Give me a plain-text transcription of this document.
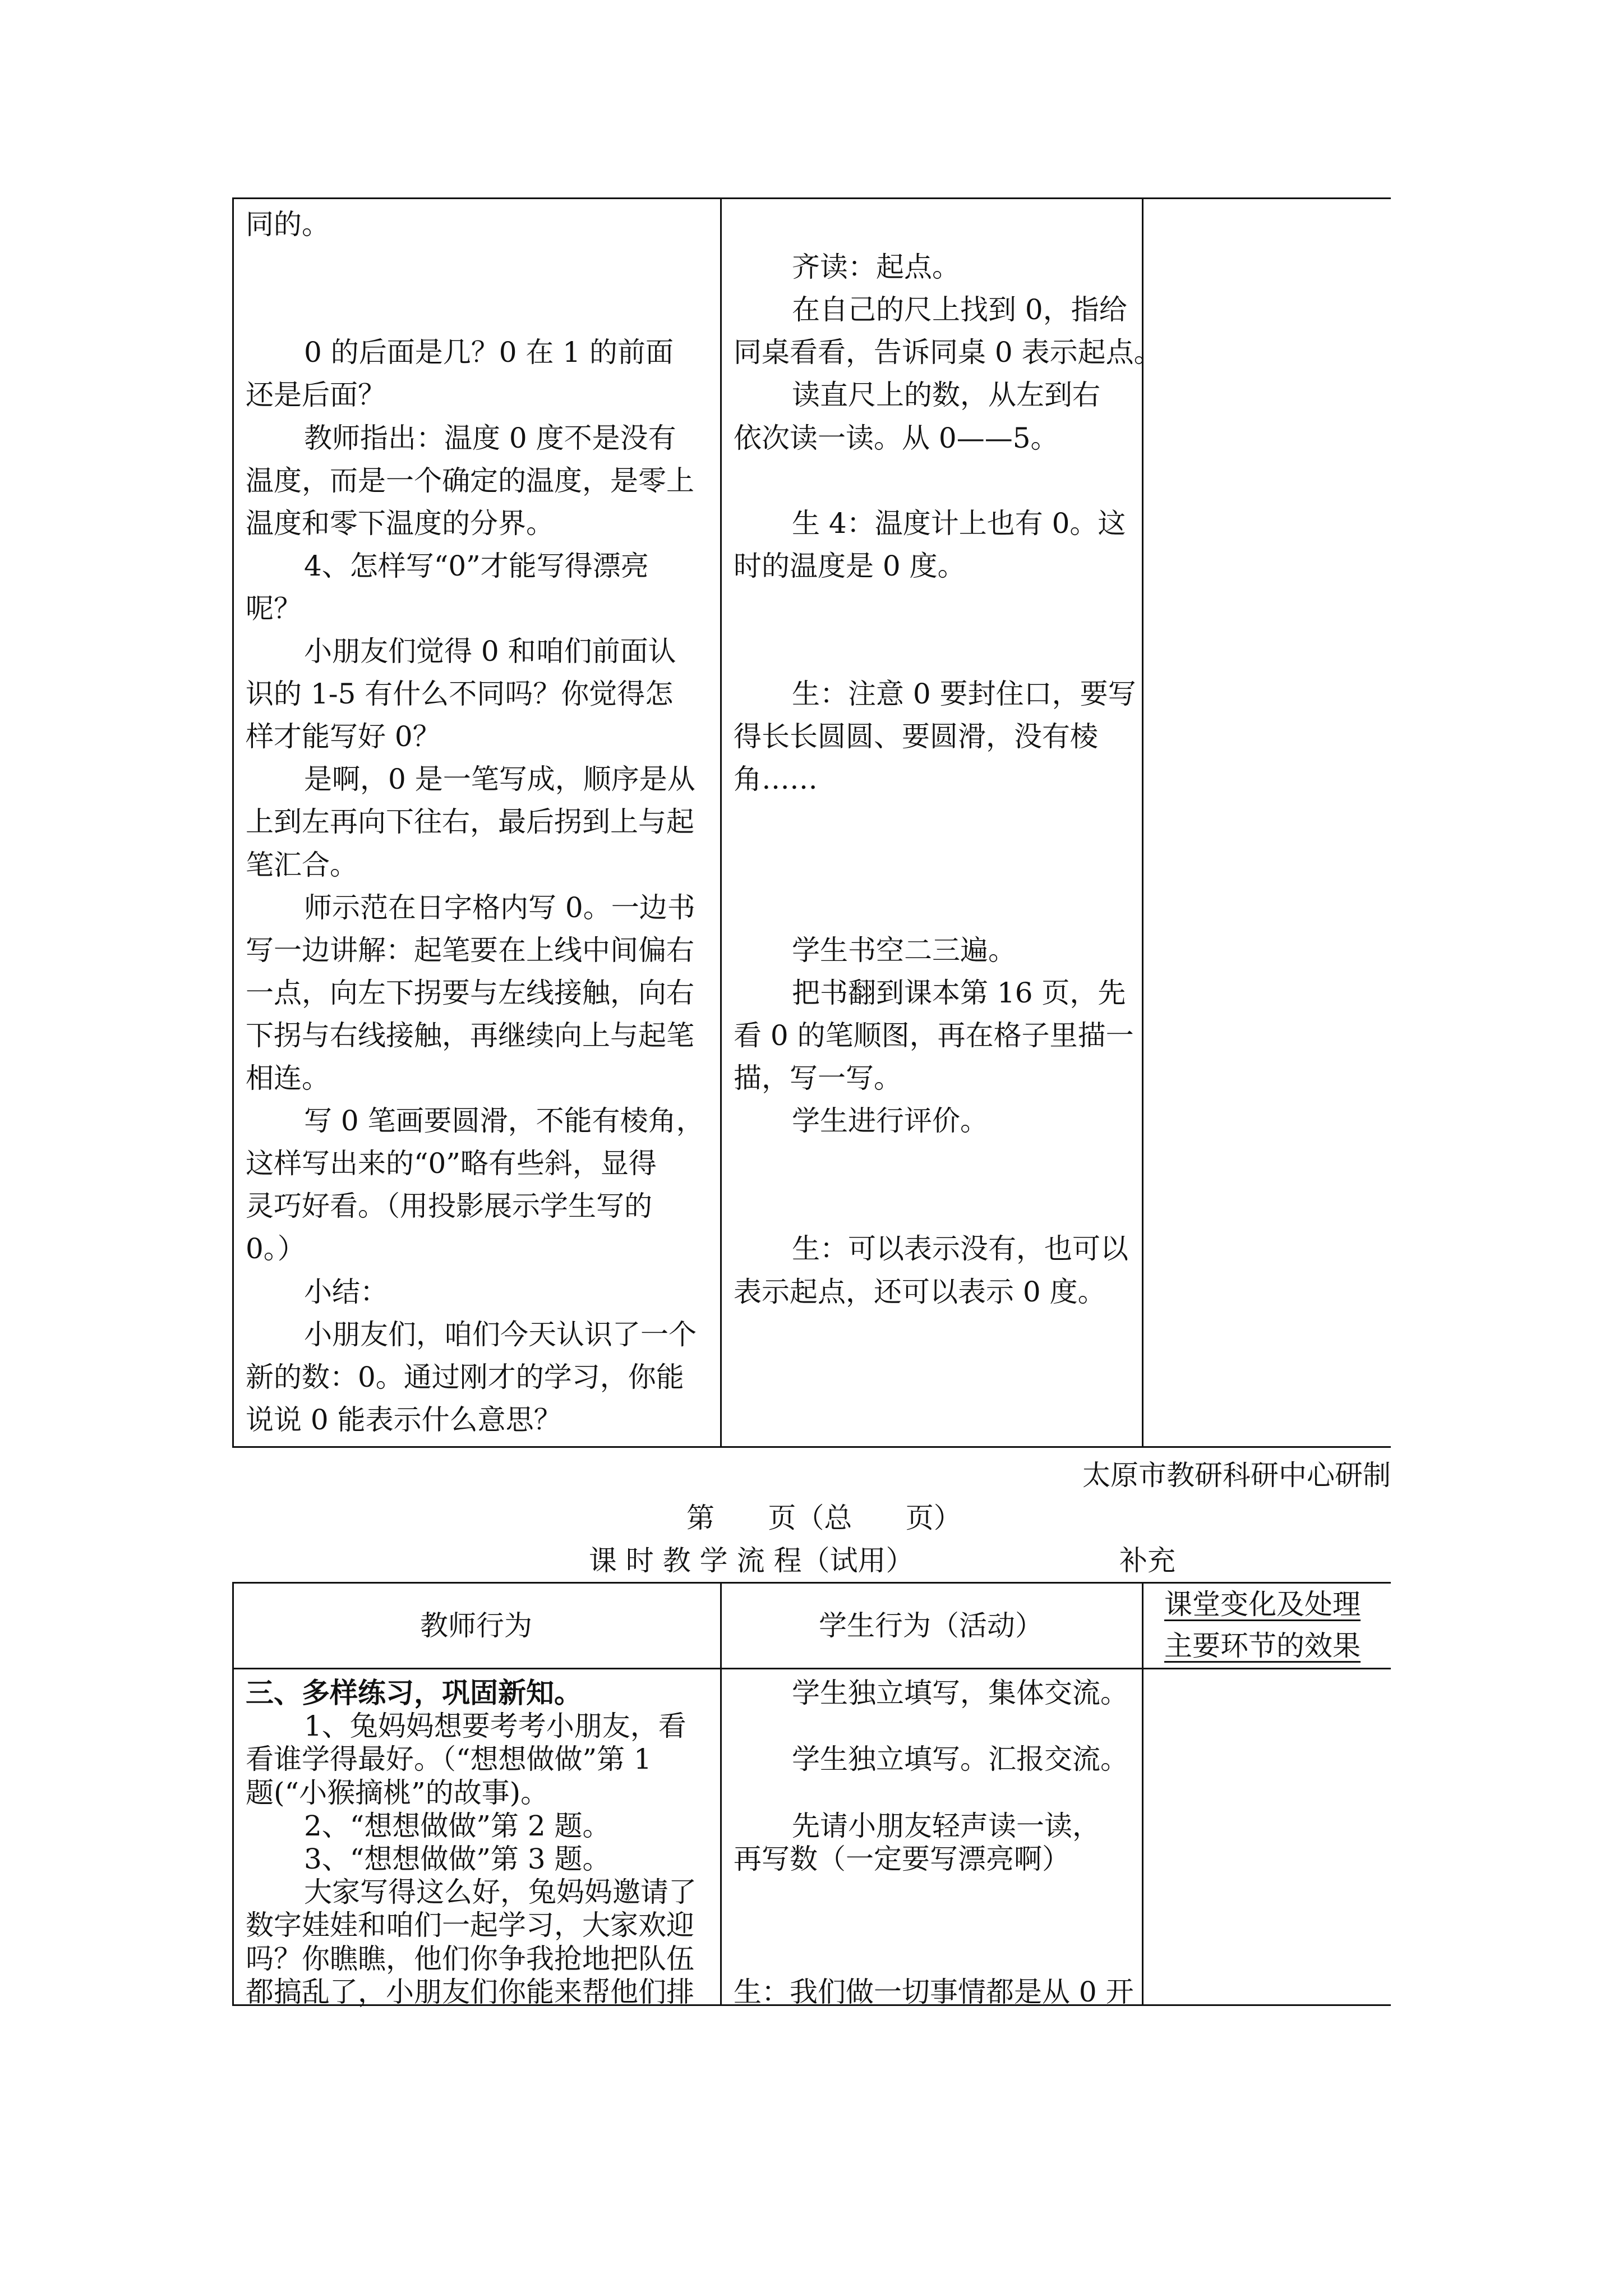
同的。
0 的后面是几？0 在 1 的前面
还是后面？
教师指出：温度 0 度不是没有
温度，而是一个确定的温度，是零上
温度和零下温度的分界。
4、怎样写“0”才能写得漂亮
呢？
小朋友们觉得 0 和咱们前面认
识的 1-5 有什么不同吗？你觉得怎
样才能写好 0？
是啊，0 是一笔写成，顺序是从
上到左再向下往右，最后拐到上与起
笔汇合。
师示范在日字格内写 0。一边书
写一边讲解：起笔要在上线中间偏右
一点，向左下拐要与左线接触，向右
下拐与右线接触，再继续向上与起笔
相连。
写 0 笔画要圆滑，不能有棱角，
这样写出来的“0”略有些斜，显得
灵巧好看。（用投影展示学生写的
0。）
小结：
小朋友们，咱们今天认识了一个
新的数：0。通过刚才的学习，你能
说说 0 能表示什么意思？
齐读：起点。
在自己的尺上找到 0，指给
同桌看看，告诉同桌 0 表示起点。
读直尺上的数，从左到右
依次读一读。从 0——5。
生 4：温度计上也有 0。这
时的温度是 0 度。
生：注意 0 要封住口，要写
得长长圆圆、要圆滑，没有棱
角……
学生书空二三遍。
把书翻到课本第 16 页，先
看 0 的笔顺图，再在格子里描一
描，写一写。
学生进行评价。
生：可以表示没有，也可以
表示起点，还可以表示 0 度。
太原市教研科研中心研制
第      页（总      页）
课 时 教 学 流 程（试用）	补充
教师行为	学生行为（活动）
课堂变化及处理
主要环节的效果
三、多样练习，巩固新知。
1、兔妈妈想要考考小朋友，看
看谁学得最好。（“想想做做”第 1
题(“小猴摘桃”的故事)。
2、“想想做做”第 2 题。
3、“想想做做”第 3 题。
大家写得这么好，兔妈妈邀请了
数字娃娃和咱们一起学习，大家欢迎
吗？你瞧瞧，他们你争我抢地把队伍
都搞乱了，小朋友们你能来帮他们排
学生独立填写，集体交流。
学生独立填写。汇报交流。
先请小朋友轻声读一读，
再写数（一定要写漂亮啊）
生：我们做一切事情都是从 0 开
